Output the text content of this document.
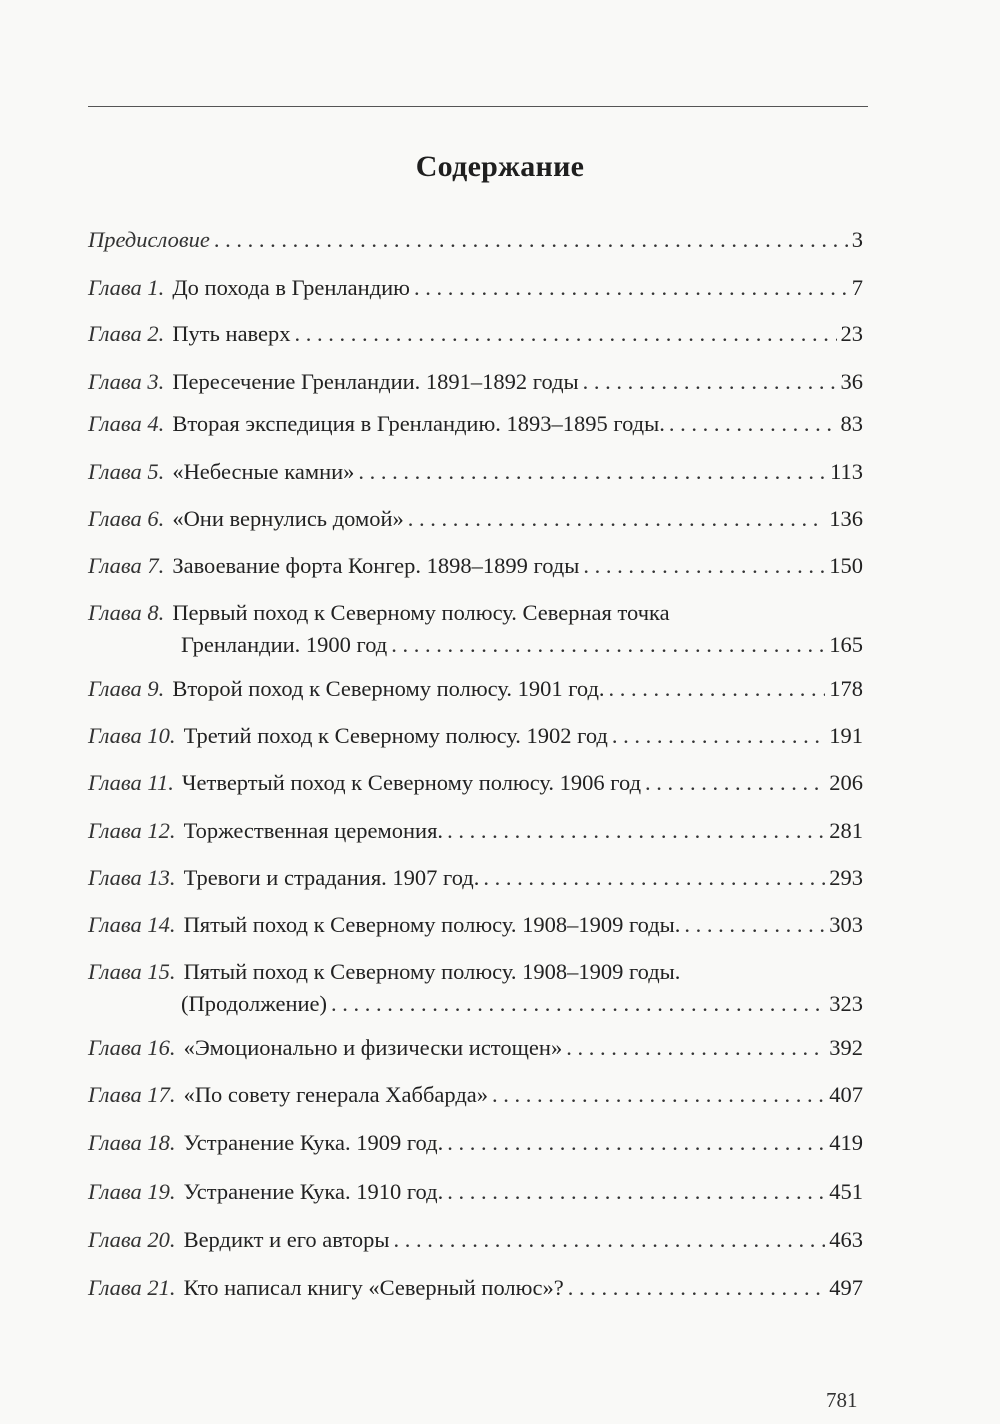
Содержание
Предисловие . . .	3
Глава 1. До похода в Гренландию . . .	7
Глава 2. Путь наверх . . .	23
Глава 3. Пересечение Гренландии. 1891–1892 годы . . .	36
Глава 4. Вторая экспедиция в Гренландию. 1893–1895 годы. . . .	83
Глава 5. «Небесные камни» . . .	113
Глава 6. «Они вернулись домой» . . .	136
Глава 7. Завоевание форта Конгер. 1898–1899 годы . . .	150
Глава 8. Первый поход к Северному полюсу. Северная точка
Гренландии. 1900 год . . .	165
Глава 9. Второй поход к Северному полюсу. 1901 год. . . .	178
Глава 10. Третий поход к Северному полюсу. 1902 год . . .	191
Глава 11. Четвертый поход к Северному полюсу. 1906 год . . .	206
Глава 12. Торжественная церемония. . . .	281
Глава 13. Тревоги и страдания. 1907 год. . . .	293
Глава 14. Пятый поход к Северному полюсу. 1908–1909 годы. . . .	303
Глава 15. Пятый поход к Северному полюсу. 1908–1909 годы.
(Продолжение) . . .	323
Глава 16. «Эмоционально и физически истощен» . . .	392
Глава 17. «По совету генерала Хаббарда» . . .	407
Глава 18. Устранение Кука. 1909 год. . . .	419
Глава 19. Устранение Кука. 1910 год. . . .	451
Глава 20. Вердикт и его авторы . . .	463
Глава 21. Кто написал книгу «Северный полюс»? . . .	497
781
